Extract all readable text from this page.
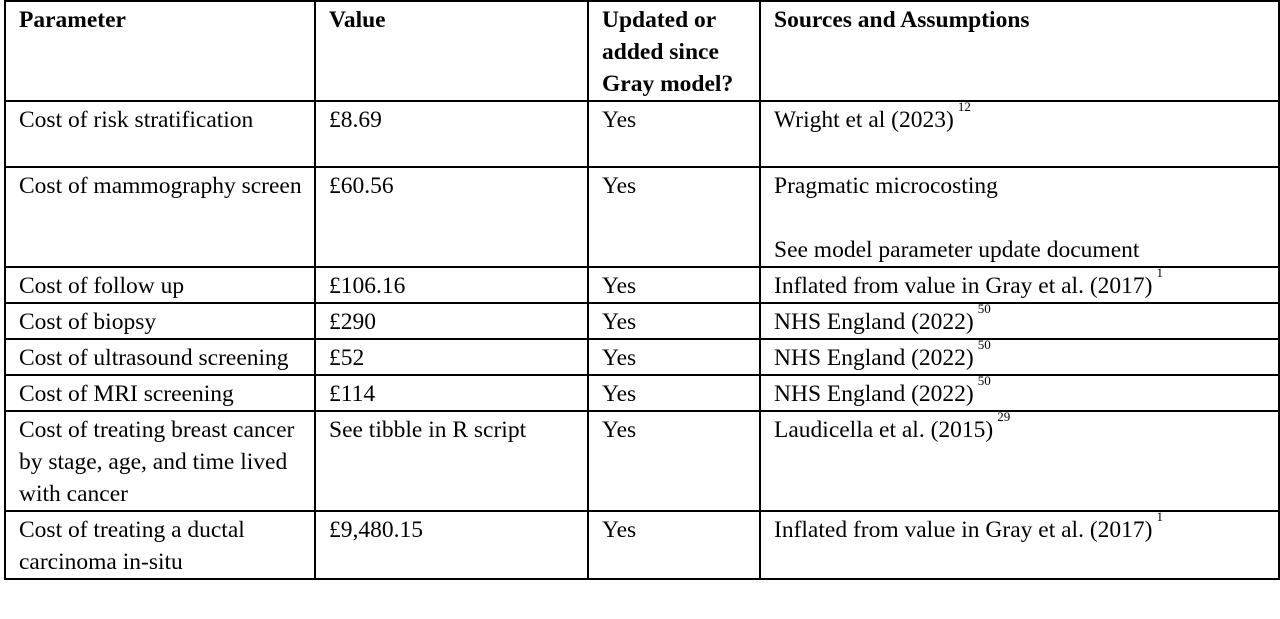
Parameter	Value	Updated or added since Gray model?	Sources and Assumptions
Cost of risk stratification	£8.69	Yes	Wright et al (2023)$^{12}$
Cost of mammography screen	£60.56	Yes	Pragmatic microcosting
See model parameter update document
Cost of follow up	£106.16	Yes	Inflated from value in Gray et al. (2017)$^1$
Cost of biopsy	£290	Yes	NHS England (2022)$^{50}$
Cost of ultrasound screening	£52	Yes	NHS England (2022)$^{50}$
Cost of MRI screening	£114	Yes	NHS England (2022)$^{50}$
Cost of treating breast cancer by stage, age, and time lived with cancer	See tibble in R script	Yes	Laudicella et al. (2015)$^{29}$
Cost of treating a ductal carcinoma in-situ	£9,480.15	Yes	Inflated from value in Gray et al. (2017)$^1$
